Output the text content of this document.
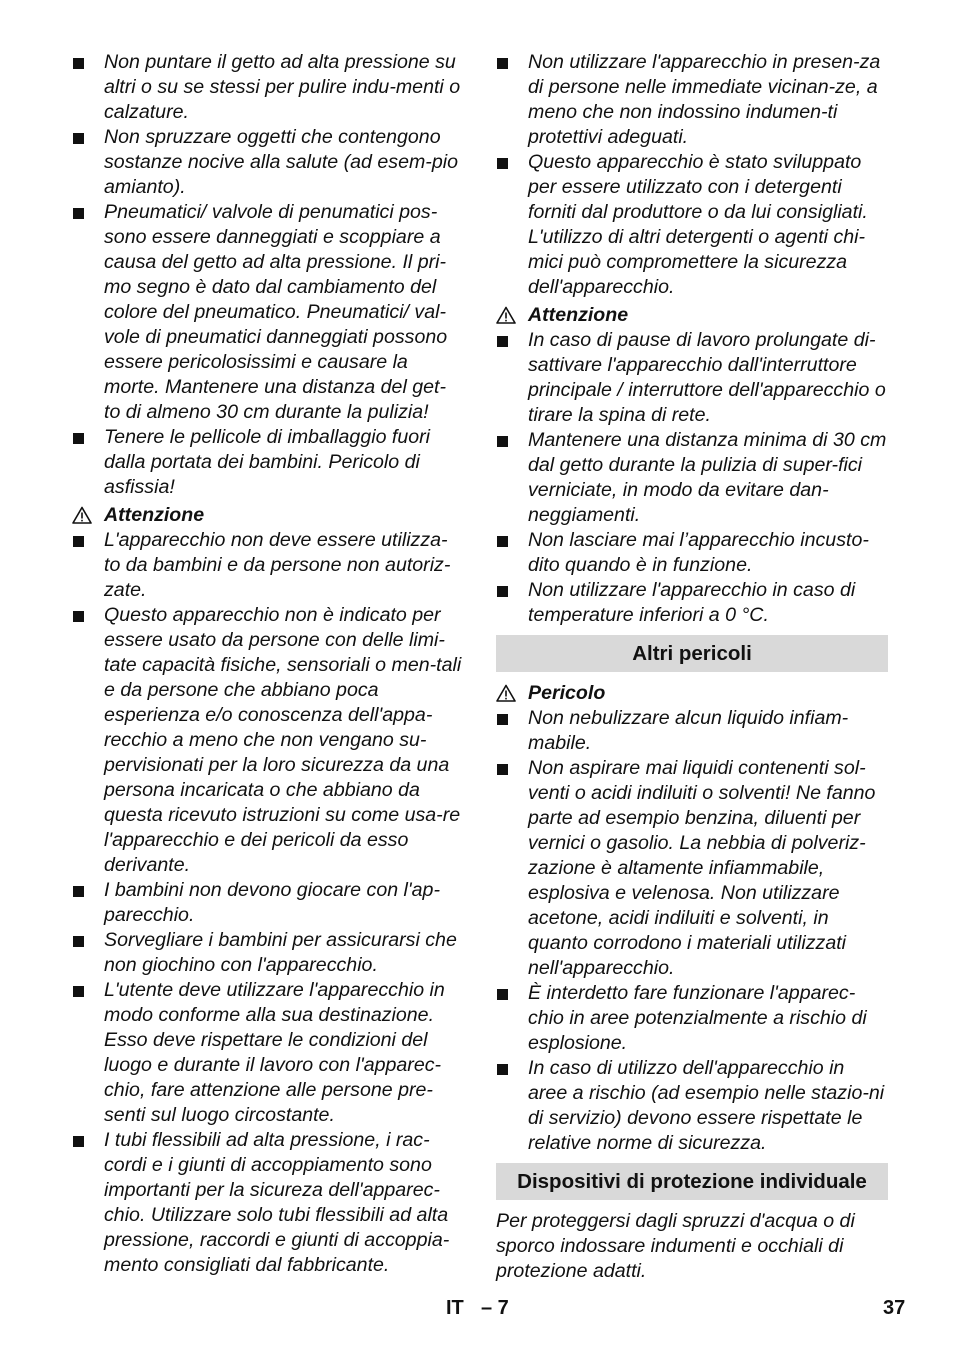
Non puntare il getto ad alta pressione su altri o su se stessi per pulire indu-menti o calzature.
Non spruzzare oggetti che contengono sostanze nocive alla salute (ad esem-pio amianto).
Pneumatici/ valvole di penumatici pos-sono essere danneggiati e scoppiare a causa del getto ad alta pressione. Il pri-mo segno è dato dal cambiamento del colore del pneumatico. Pneumatici/ val-vole di pneumatici danneggiati possono essere pericolosissimi e causare la morte. Mantenere una distanza del get-to di almeno 30 cm durante la pulizia!
Tenere le pellicole di imballaggio fuori dalla portata dei bambini. Pericolo di asfissia!
Attenzione
L'apparecchio non deve essere utilizza-to da bambini e da persone non autoriz-zate.
Questo apparecchio non è indicato per essere usato da persone con delle limi-tate capacità fisiche, sensoriali o men-tali e da persone che abbiano poca esperienza e/o conoscenza dell'appa-recchio a meno che non vengano su-pervisionati per la loro sicurezza da una persona incaricata o che abbiano da questa ricevuto istruzioni su come usa-re l'apparecchio e dei pericoli da esso derivante.
I bambini non devono giocare con l'ap-parecchio.
Sorvegliare i bambini per assicurarsi che non giochino con l'apparecchio.
L'utente deve utilizzare l'apparecchio in modo conforme alla sua destinazione. Esso deve rispettare le condizioni del luogo e durante il lavoro con l'apparec-chio, fare attenzione alle persone pre-senti sul luogo circostante.
I tubi flessibili ad alta pressione, i rac-cordi e i giunti di accoppiamento sono importanti per la sicureza dell'apparec-chio. Utilizzare solo tubi flessibili ad alta pressione, raccordi e giunti di accoppia-mento consigliati dal fabbricante.
Non utilizzare l'apparecchio in presen-za di persone nelle immediate vicinan-ze, a meno che non indossino indumen-ti protettivi adeguati.
Questo apparecchio è stato sviluppato per essere utilizzato con i detergenti forniti dal produttore o da lui consigliati. L'utilizzo di altri detergenti o agenti chi-mici può compromettere la sicurezza dell'apparecchio.
Attenzione
In caso di pause di lavoro prolungate di-sattivare l'apparecchio dall'interruttore principale / interruttore dell'apparecchio o tirare la spina di rete.
Mantenere una distanza minima di 30 cm dal getto durante la pulizia di super-fici verniciate, in modo da evitare dan-neggiamenti.
Non lasciare mai l’apparecchio incusto-dito quando è in funzione.
Non utilizzare l'apparecchio in caso di temperature inferiori a 0 °C.
Altri pericoli
Pericolo
Non nebulizzare alcun liquido infiam-mabile.
Non aspirare mai liquidi contenenti sol-venti o acidi indiluiti o solventi! Ne fanno parte ad esempio benzina, diluenti per vernici o gasolio. La nebbia di polveriz-zazione è altamente infiammabile, esplosiva e velenosa. Non utilizzare acetone, acidi indiluiti e solventi, in quanto corrodono i materiali utilizzati nell'apparecchio.
È interdetto fare funzionare l'apparec-chio in aree potenzialmente a rischio di esplosione.
In caso di utilizzo dell'apparecchio in aree a rischio (ad esempio nelle stazio-ni di servizio) devono essere rispettate le relative norme di sicurezza.
Dispositivi di protezione individuale
Per proteggersi dagli spruzzi d'acqua o di sporco indossare indumenti e occhiali di protezione adatti.
IT – 7	37
